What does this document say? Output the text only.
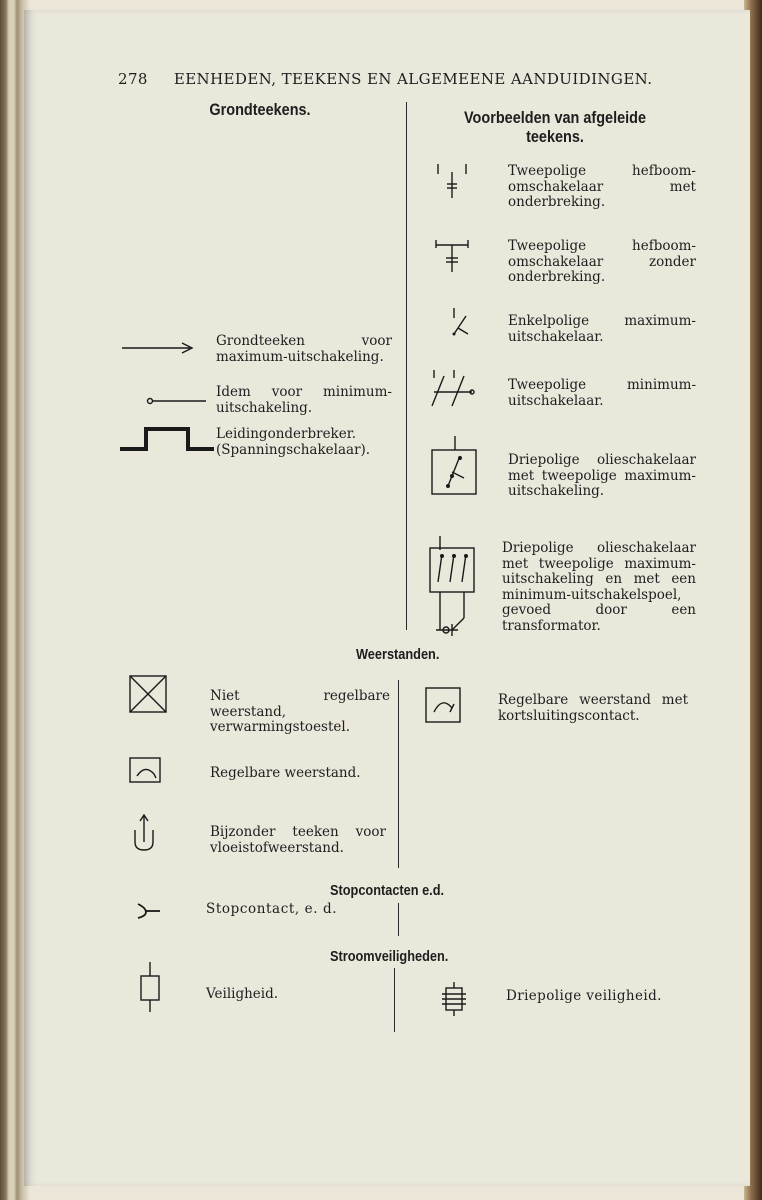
278 EENHEDEN, TEEKENS EN ALGEMEENE AANDUIDINGEN.
Grondteekens.	Voorbeelden van afgeleide teekens.
Grondteeken voor maximum-uitschakeling.
Idem voor minimum-uitschakeling.
Leidingonderbreker. (Spanningschakelaar).
Tweepolige hefboom-omschakelaar met onderbreking.
Tweepolige hefboom-omschakelaar zonder onderbreking.
Enkelpolige maximum-uitschakelaar.
Tweepolige minimum-uitschakelaar.
Driepolige olieschakelaar met tweepolige maximum-uitschakeling.
Driepolige olieschakelaar met tweepolige maximum-uitschakeling en met een minimum-uitschakelspoel, gevoed door een transformator.
Weerstanden.
Niet regelbare weerstand, verwarmingstoestel.
Regelbare weerstand met kortsluitingscontact.
Regelbare weerstand.
Bijzonder teeken voor vloeistofweerstand.
Stopcontacten e.d.
Stopcontact, e. d.
Stroomveiligheden.
Veiligheid.	Driepolige veiligheid.
